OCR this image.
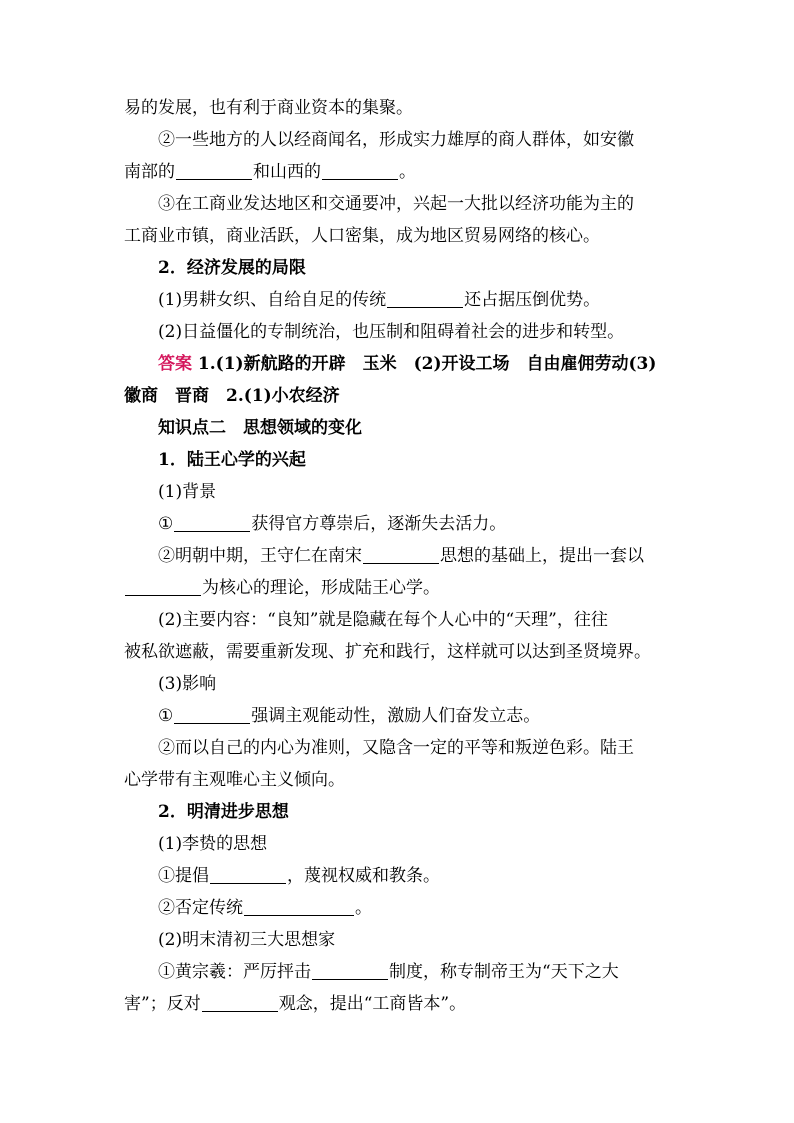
易的发展，也有利于商业资本的集聚。
②一些地方的人以经商闻名，形成实力雄厚的商人群体，如安徽
南部的	和山西的	。
③在工商业发达地区和交通要冲，兴起一大批以经济功能为主的
工商业市镇，商业活跃，人口密集，成为地区贸易网络的核心。
2．经济发展的局限
(1)男耕女织、自给自足的传统	还占据压倒优势。
(2)日益僵化的专制统治，也压制和阻碍着社会的进步和转型。
答案 1.(1)新航路的开辟　玉米　(2)开设工场　自由雇佣劳动(3)
徽商　晋商　2.(1)小农经济
知识点二　思想领域的变化
1．陆王心学的兴起
(1)背景
①	获得官方尊崇后，逐渐失去活力。
②明朝中期，王守仁在南宋	思想的基础上，提出一套以
为核心的理论，形成陆王心学。
(2)主要内容：“良知”就是隐藏在每个人心中的“天理”，往往
被私欲遮蔽，需要重新发现、扩充和践行，这样就可以达到圣贤境界。
(3)影响
①	强调主观能动性，激励人们奋发立志。
②而以自己的内心为准则，又隐含一定的平等和叛逆色彩。陆王
心学带有主观唯心主义倾向。
2．明清进步思想
(1)李贽的思想
①提倡	，蔑视权威和教条。
②否定传统	。
(2)明末清初三大思想家
①黄宗羲：严厉抨击	制度，称专制帝王为“天下之大
害”；反对	观念，提出“工商皆本”。
